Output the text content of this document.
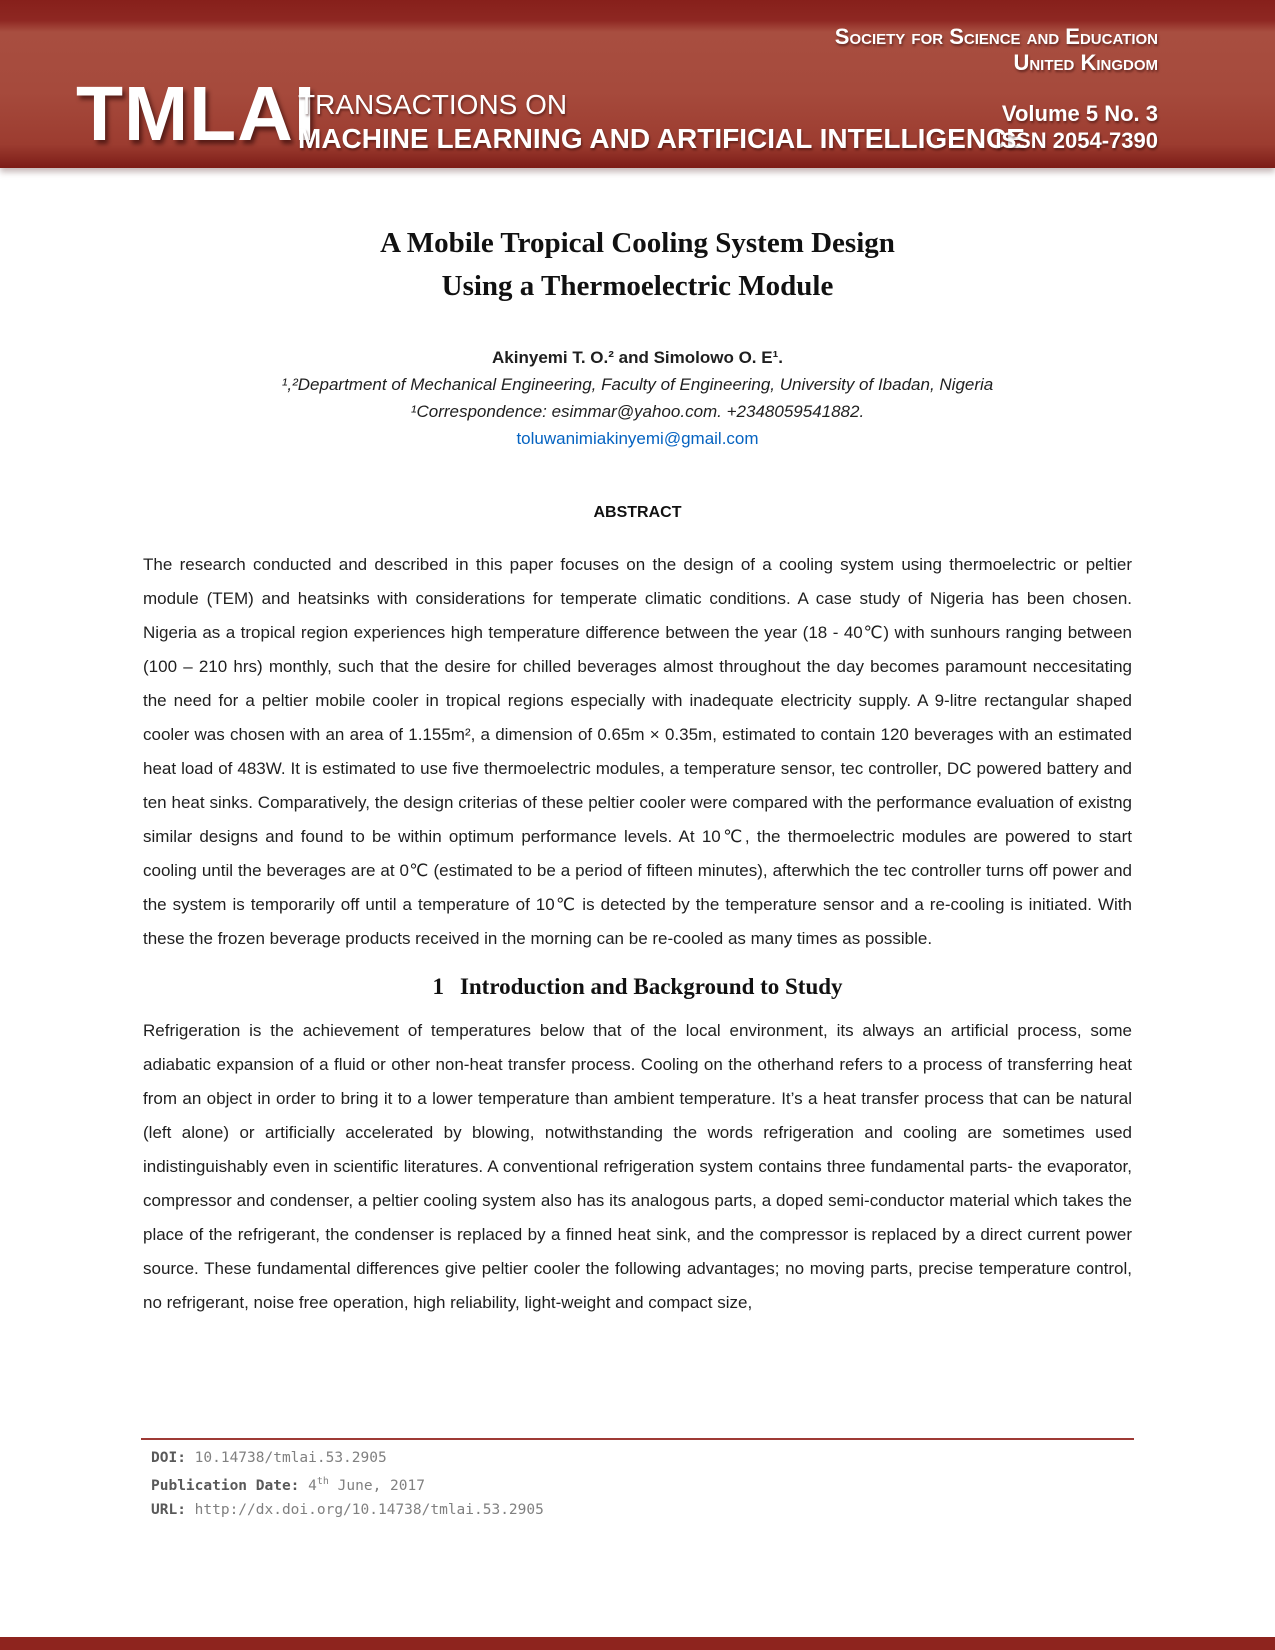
TMLAI
TRANSACTIONS ON
MACHINE LEARNING AND ARTIFICIAL INTELLIGENCE
Society for Science and Education
United Kingdom
Volume 5 No. 3
ISSN 2054-7390
A Mobile Tropical Cooling System Design
Using a Thermoelectric Module
Akinyemi T. O.² and Simolowo O. E¹.
¹,²Department of Mechanical Engineering, Faculty of Engineering, University of Ibadan, Nigeria
¹Correspondence: esimmar@yahoo.com. +2348059541882.
toluwanimiakinyemi@gmail.com
ABSTRACT

The research conducted and described in this paper focuses on the design of a cooling system using thermoelectric or peltier module (TEM) and heatsinks with considerations for temperate climatic conditions. A case study of Nigeria has been chosen. Nigeria as a tropical region experiences high temperature difference between the year (18 - 40℃) with sunhours ranging between (100 – 210 hrs) monthly, such that the desire for chilled beverages almost throughout the day becomes paramount neccesitating the need for a peltier mobile cooler in tropical regions especially with inadequate electricity supply. A 9-litre rectangular shaped cooler was chosen with an area of 1.155m², a dimension of 0.65m × 0.35m, estimated to contain 120 beverages with an estimated heat load of 483W. It is estimated to use five thermoelectric modules, a temperature sensor, tec controller, DC powered battery and ten heat sinks. Comparatively, the design criterias of these peltier cooler were compared with the performance evaluation of existng similar designs and found to be within optimum performance levels. At 10℃, the thermoelectric modules are powered to start cooling until the beverages are at 0℃ (estimated to be a period of fifteen minutes), afterwhich the tec controller turns off power and the system is temporarily off until a temperature of 10℃ is detected by the temperature sensor and a re-cooling is initiated. With these the frozen beverage products received in the morning can be re-cooled as many times as possible.

1 Introduction and Background to Study

Refrigeration is the achievement of temperatures below that of the local environment, its always an artificial process, some adiabatic expansion of a fluid or other non-heat transfer process. Cooling on the otherhand refers to a process of transferring heat from an object in order to bring it to a lower temperature than ambient temperature. It’s a heat transfer process that can be natural (left alone) or artificially accelerated by blowing, notwithstanding the words refrigeration and cooling are sometimes used indistinguishably even in scientific literatures. A conventional refrigeration system contains three fundamental parts- the evaporator, compressor and condenser, a peltier cooling system also has its analogous parts, a doped semi-conductor material which takes the place of the refrigerant, the condenser is replaced by a finned heat sink, and the compressor is replaced by a direct current power source. These fundamental differences give peltier cooler the following advantages; no moving parts, precise temperature control, no refrigerant, noise free operation, high reliability, light-weight and compact size,

DOI: 10.14738/tmlai.53.2905
Publication Date: 4th June, 2017
URL: http://dx.doi.org/10.14738/tmlai.53.2905
